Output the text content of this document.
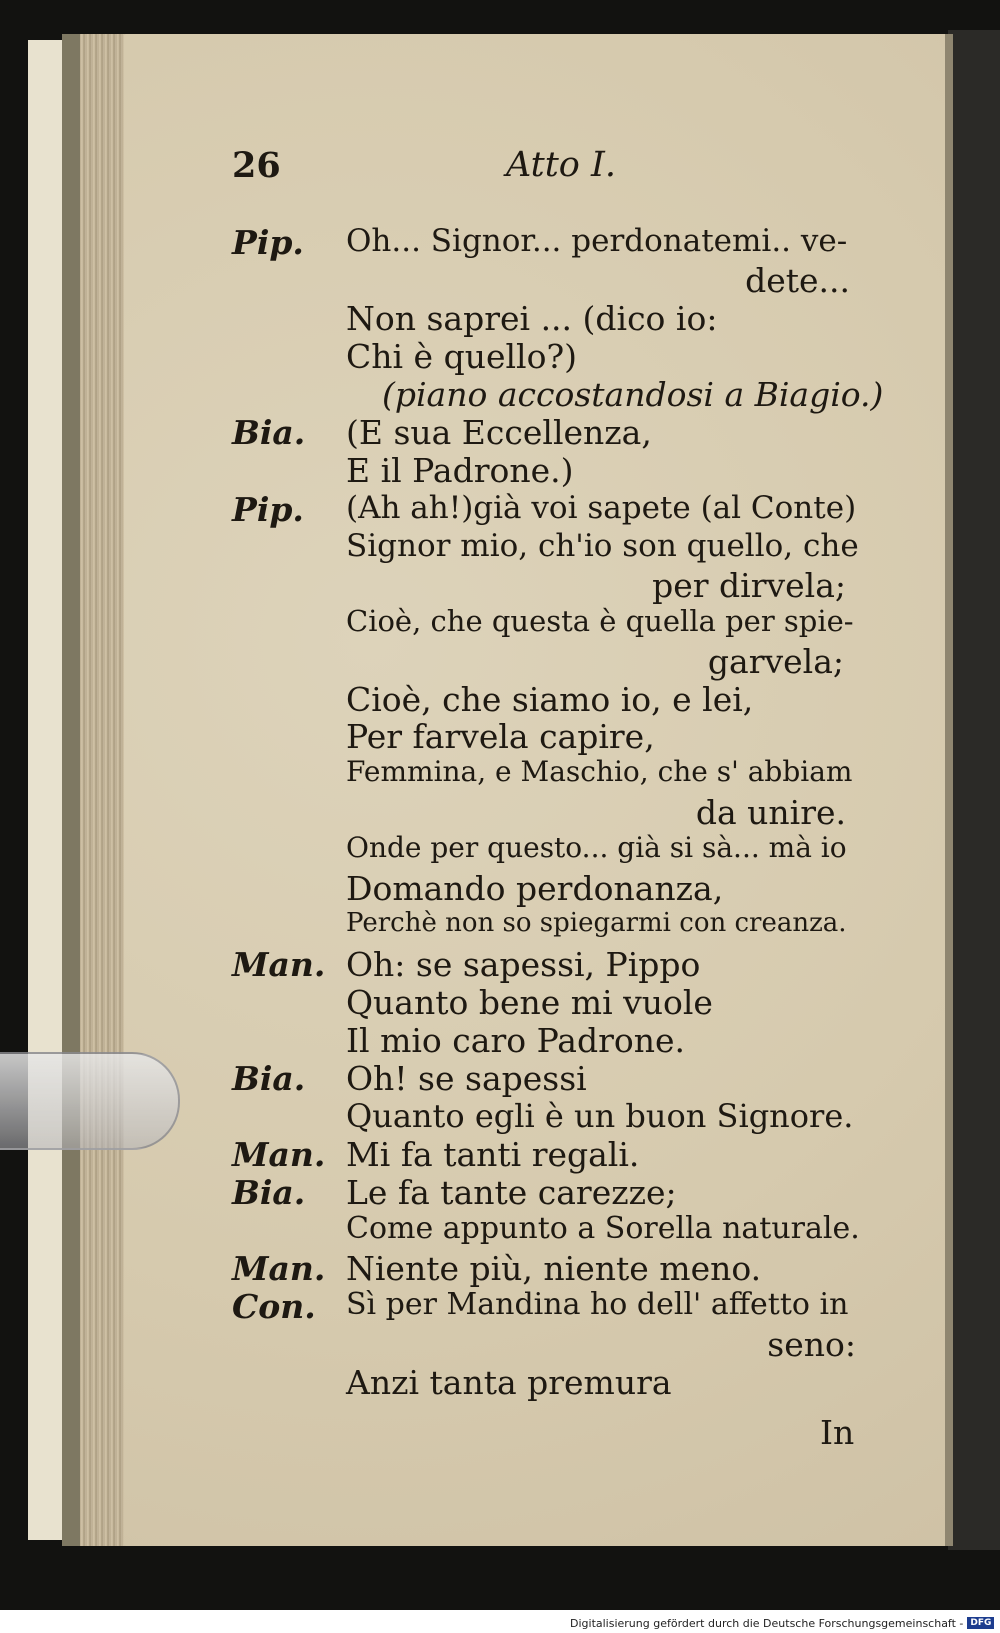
26	Atto I.
Pip. Oh... Signor... perdonatemi.. ve-
dete...
Non saprei ... (dico io:
Chi è quello?)
(piano accostandosi a Biagio.)
Bia. (E sua Eccellenza,
E il Padrone.)
Pip. (Ah ah!)già voi sapete (al Conte)
Signor mio, ch'io son quello, che
per dirvela;
Cioè, che questa è quella per spie-
garvela;
Cioè, che siamo io, e lei,
Per farvela capire,
Femmina, e Maschio, che s' abbiam
da unire.
Onde per questo... già si sà... mà io
Domando perdonanza,
Perchè non so spiegarmi con creanza.
Man. Oh: se sapessi, Pippo
Quanto bene mi vuole
Il mio caro Padrone.
Bia. Oh! se sapessi
Quanto egli è un buon Signore.
Man. Mi fa tanti regali.
Bia. Le fa tante carezze;
Come appunto a Sorella naturale.
Man. Niente più, niente meno.
Con. Sì per Mandina ho dell' affetto in
seno:
Anzi tanta premura
In
Digitalisierung gefördert durch die Deutsche Forschungsgemeinschaft - DFG
